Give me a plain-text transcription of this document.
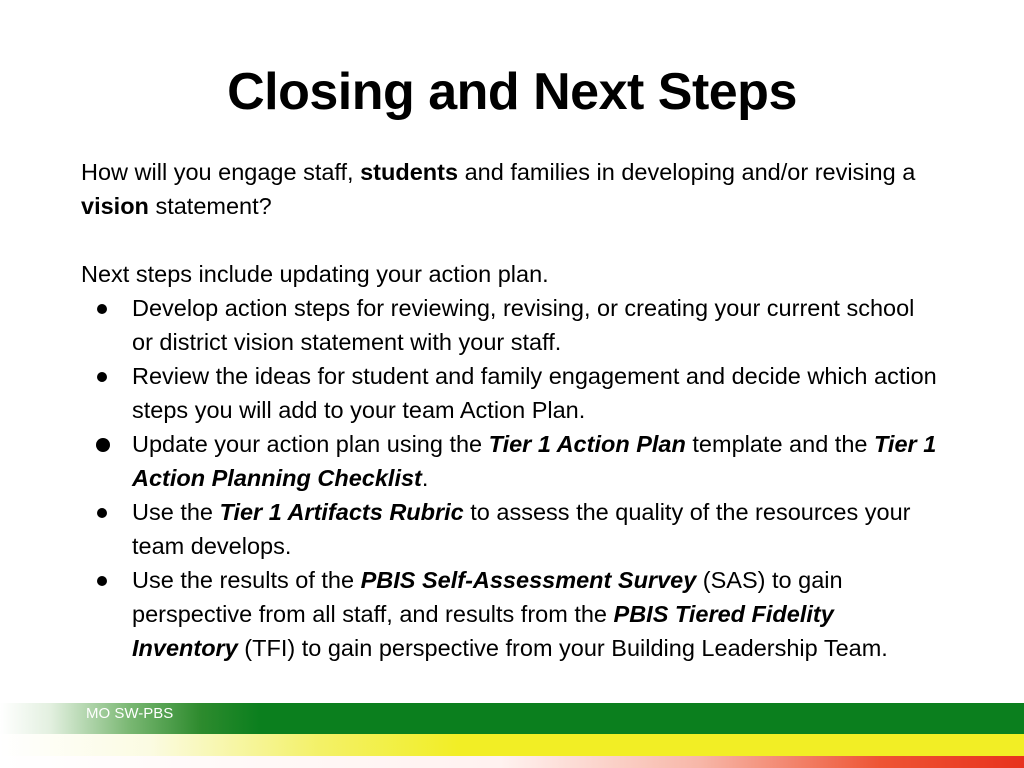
Closing and Next Steps

How will you engage staff, students and families in developing and/or revising a vision statement?

Next steps include updating your action plan.

Develop action steps for reviewing, revising, or creating your current school or district vision statement with your staff.
Review the ideas for student and family engagement and decide which action steps you will add to your team Action Plan.
Update your action plan using the Tier 1 Action Plan template and the Tier 1 Action Planning Checklist.
Use the Tier 1 Artifacts Rubric to assess the quality of the resources your team develops.
Use the results of the PBIS Self-Assessment Survey (SAS) to gain perspective from all staff, and results from the PBIS Tiered Fidelity Inventory (TFI) to gain perspective from your Building Leadership Team.
MO SW-PBS
